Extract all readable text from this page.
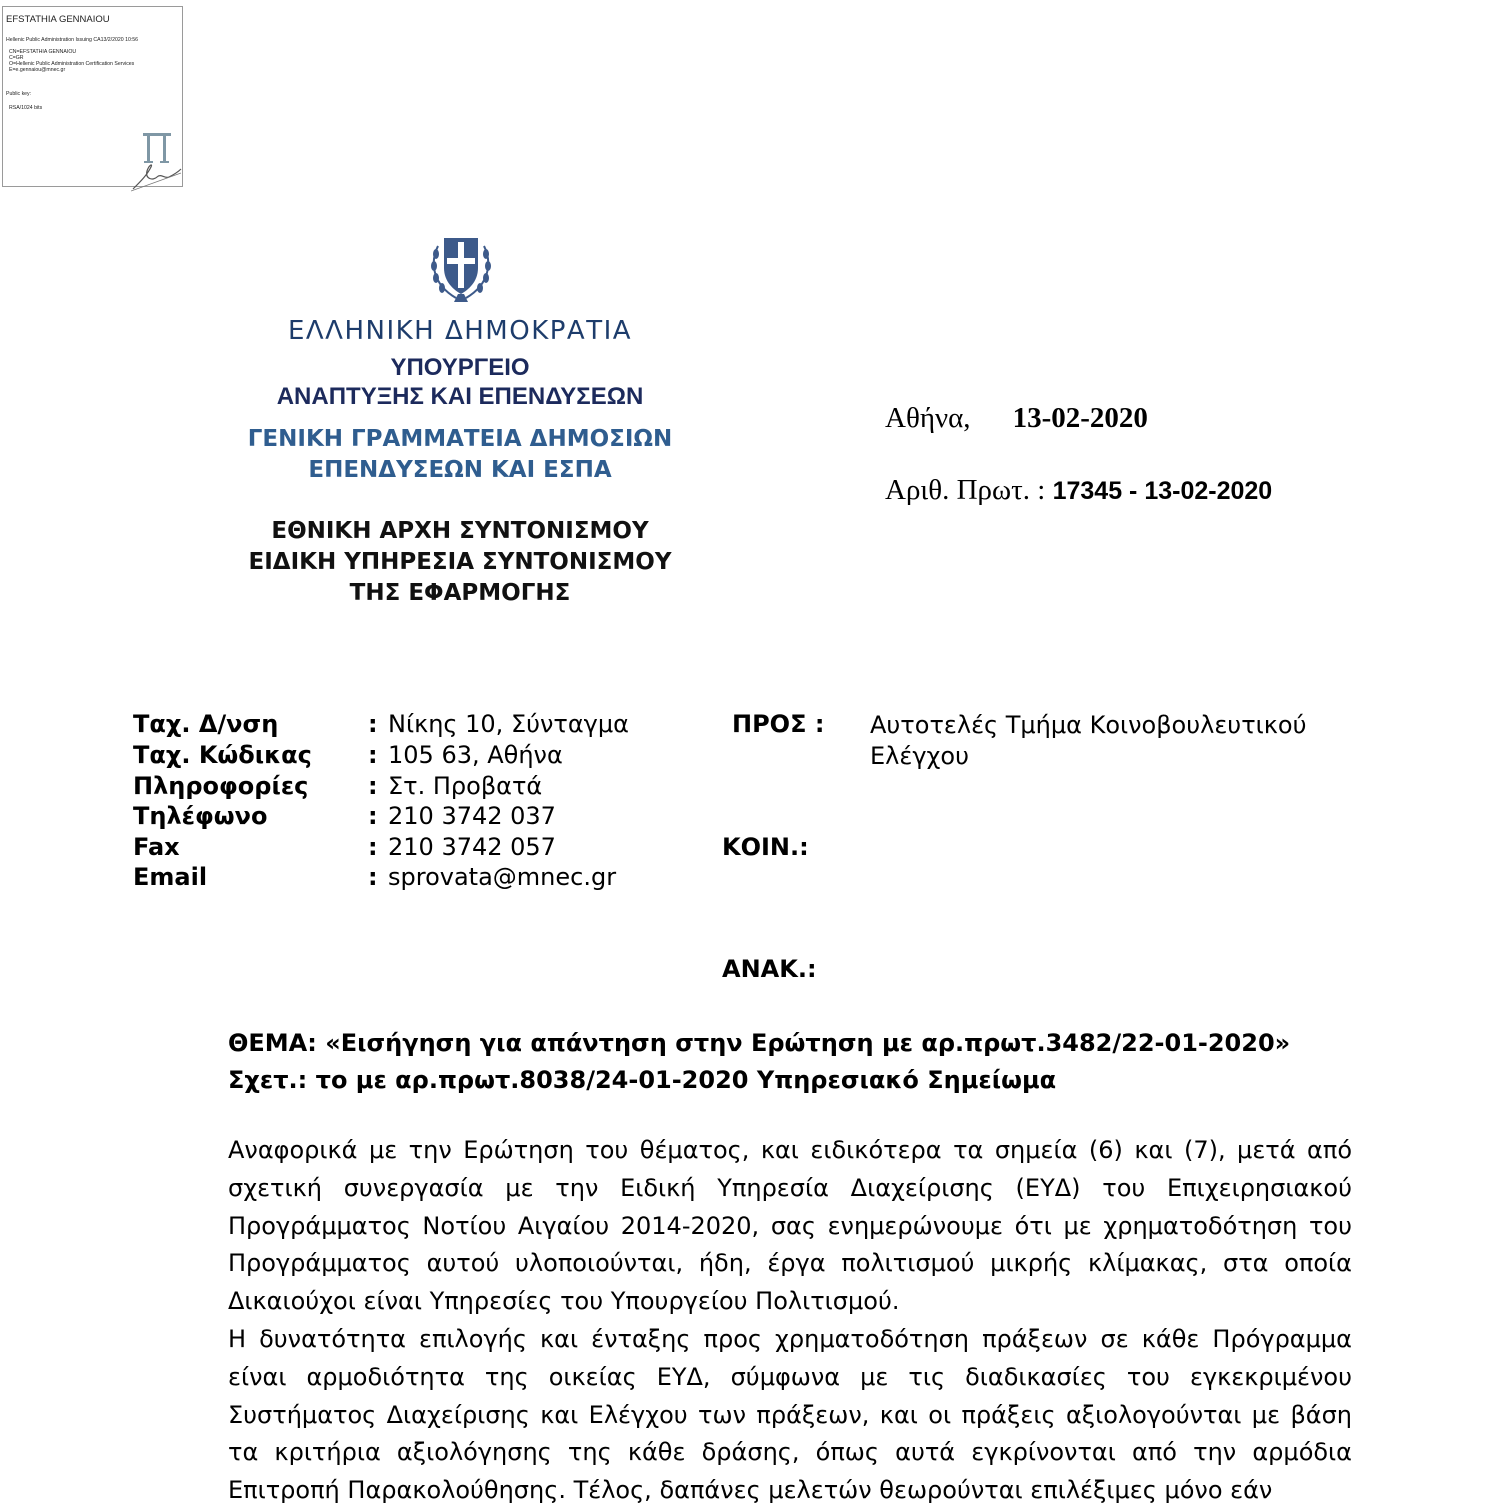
EFSTATHIA GENNAIOU
Hellenic Public Administration Issuing CA13/2/2020 10:56
CN=EFSTATHIA GENNAIOU
C=GR
O=Hellenic Public Administration Certification Services
E=e.gennaiou@mnec.gr
Public key:
RSA/1024 bits
ΕΛΛΗΝΙΚΗ ΔΗΜΟΚΡΑΤΙΑ
ΥΠΟΥΡΓΕΙΟ
ΑΝΑΠΤΥΞΗΣ ΚΑΙ ΕΠΕΝΔΥΣΕΩΝ
ΓΕΝΙΚΗ ΓΡΑΜΜΑΤΕΙΑ ΔΗΜΟΣΙΩΝ
ΕΠΕΝΔΥΣΕΩΝ ΚΑΙ ΕΣΠΑ
ΕΘΝΙΚΗ ΑΡΧΗ ΣΥΝΤΟΝΙΣΜΟΥ
ΕΙΔΙΚΗ ΥΠΗΡΕΣΙΑ ΣΥΝΤΟΝΙΣΜΟΥ
ΤΗΣ ΕΦΑΡΜΟΓΗΣ
Αθήνα, 13-02-2020
Αριθ. Πρωτ. : 17345 - 13-02-2020
Ταχ. Δ/νση	: Νίκης 10, Σύνταγμα
Ταχ. Κώδικας : 105 63, Αθήνα
Πληροφορίες : Στ. Προβατά
Τηλέφωνο	: 210 3742 037
Fax	: 210 3742 057
Email	: sprovata@mnec.gr
ΠΡΟΣ : Αυτοτελές Τμήμα Κοινοβουλευτικού
Ελέγχου
ΚΟΙΝ.:
ΑΝΑΚ.:
ΘΕΜΑ: «Εισήγηση για απάντηση στην Ερώτηση με αρ.πρωτ.3482/22-01-2020»
Σχετ.: το με αρ.πρωτ.8038/24-01-2020 Υπηρεσιακό Σημείωμα

Αναφορικά με την Ερώτηση του θέματος, και ειδικότερα τα σημεία (6) και (7), μετά από σχετική συνεργασία με την Ειδική Υπηρεσία Διαχείρισης (ΕΥΔ) του Επιχειρησιακού Προγράμματος Νοτίου Αιγαίου 2014-2020, σας ενημερώνουμε ότι με χρηματοδότηση του Προγράμματος αυτού υλοποιούνται, ήδη, έργα πολιτισμού μικρής κλίμακας, στα οποία Δικαιούχοι είναι Υπηρεσίες του Υπουργείου Πολιτισμού.

Η δυνατότητα επιλογής και ένταξης προς χρηματοδότηση πράξεων σε κάθε Πρόγραμμα είναι αρμοδιότητα της οικείας ΕΥΔ, σύμφωνα με τις διαδικασίες του εγκεκριμένου Συστήματος Διαχείρισης και Ελέγχου των πράξεων, και οι πράξεις αξιολογούνται με βάση τα κριτήρια αξιολόγησης της κάθε δράσης, όπως αυτά εγκρίνονται από την αρμόδια Επιτροπή Παρακολούθησης. Τέλος, δαπάνες μελετών θεωρούνται επιλέξιμες μόνο εάν
